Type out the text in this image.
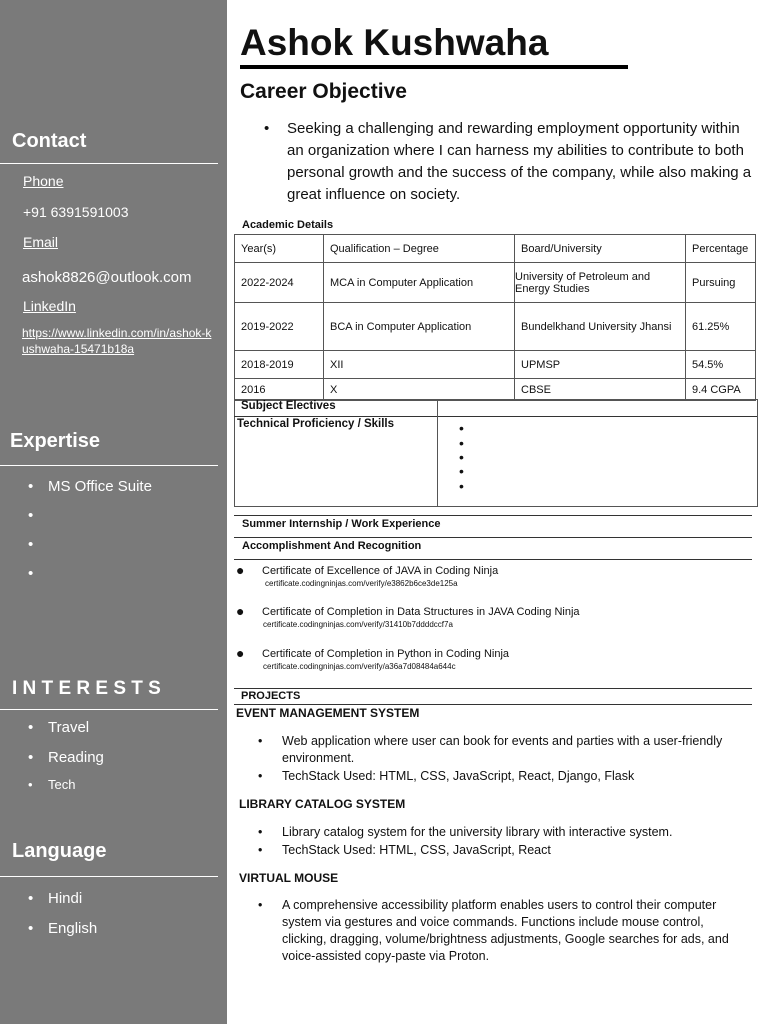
Contact
Phone
+91 6391591003
Email
ashok8826@outlook.com
LinkedIn
https://www.linkedin.com/in/ashok-kushwaha-15471b18a
Expertise
• MS Office Suite
•
•
•
I N T E R E S T S
• Travel
• Reading
• Tech
Language
• Hindi
• English
Ashok Kushwaha
Career Objective
• Seeking a challenging and rewarding employment opportunity within an organization where I can harness my abilities to contribute to both personal growth and the success of the company, while also making a great influence on society.
Academic Details
Year(s)	Qualification – Degree	Board/University	Percentage
2022-2024	MCA in Computer Application	University of Petroleum and Energy Studies	Pursuing
2019-2022	BCA in Computer Application	Bundelkhand University Jhansi	61.25%
2018-2019	XII	UPMSP	54.5%
2016	X	CBSE	9.4 CGPA
Subject Electives
Technical Proficiency / Skills	•
•
•
•
•
Summer Internship / Work Experience
Accomplishment And Recognition
● Certificate of Excellence of JAVA in Coding Ninja
certificate.codingninjas.com/verify/e3862b6ce3de125a
● Certificate of Completion in Data Structures in JAVA Coding Ninja
certificate.codingninjas.com/verify/31410b7ddddccf7a
● Certificate of Completion in Python in Coding Ninja
certificate.codingninjas.com/verify/a36a7d08484a644c
PROJECTS
EVENT MANAGEMENT SYSTEM
• Web application where user can book for events and parties with a user-friendly environment.
• TechStack Used: HTML, CSS, JavaScript, React, Django, Flask
LIBRARY CATALOG SYSTEM
• Library catalog system for the university library with interactive system.
• TechStack Used: HTML, CSS, JavaScript, React
VIRTUAL MOUSE
• A comprehensive accessibility platform enables users to control their computer system via gestures and voice commands. Functions include mouse control, clicking, dragging, volume/brightness adjustments, Google searches for ads, and voice-assisted copy-paste via Proton.
